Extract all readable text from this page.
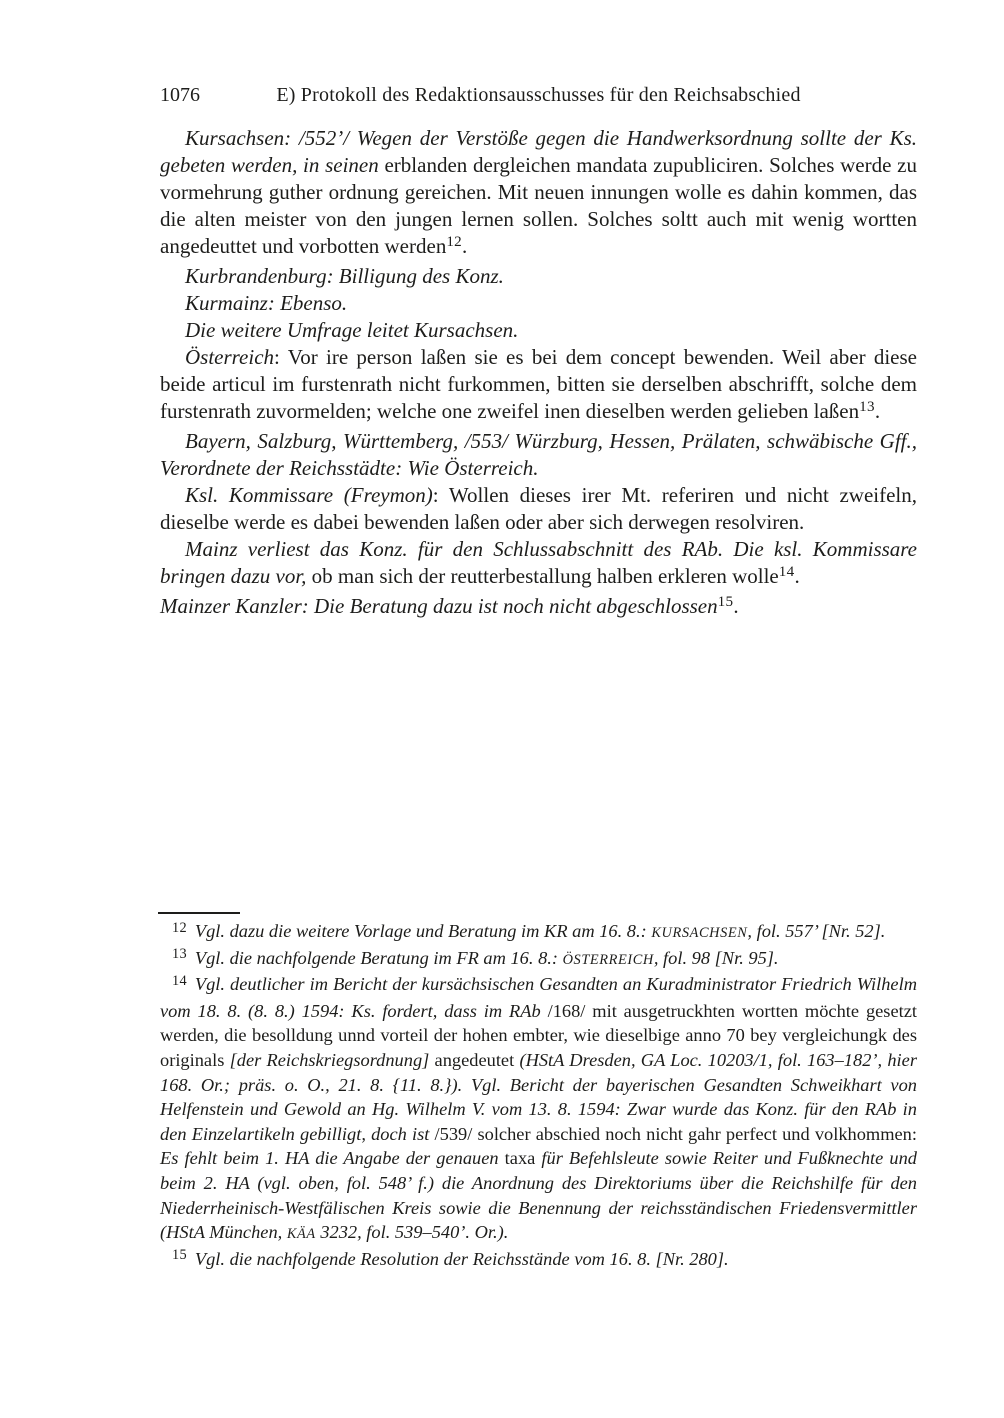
1076	E) Protokoll des Redaktionsausschusses für den Reichsabschied

Kursachsen: /552’/ Wegen der Verstöße gegen die Handwerksordnung sollte der Ks. gebeten werden, in seinen erblanden dergleichen mandata zupubliciren. Solches werde zu vormehrung guther ordnung gereichen. Mit neuen innungen wolle es dahin kommen, das die alten meister von den jungen lernen sollen. Solches soltt auch mit wenig wortten angedeuttet und vorbotten werden$^{12}$.

Kurbrandenburg: Billigung des Konz.

Kurmainz: Ebenso.

Die weitere Umfrage leitet Kursachsen.

Österreich: Vor ire person laßen sie es bei dem concept bewenden. Weil aber diese beide articul im furstenrath nicht furkommen, bitten sie derselben abschrifft, solche dem furstenrath zuvormelden; welche one zweifel inen dieselben werden gelieben laßen$^{13}$.

Bayern, Salzburg, Württemberg, /553/ Würzburg, Hessen, Prälaten, schwäbische Gff., Verordnete der Reichsstädte: Wie Österreich.

Ksl. Kommissare (Freymon): Wollen dieses irer Mt. referiren und nicht zweifeln, dieselbe werde es dabei bewenden laßen oder aber sich derwegen resolviren.

Mainz verliest das Konz. für den Schlussabschnitt des RAb. Die ksl. Kommissare bringen dazu vor, ob man sich der reutterbestallung halben erkleren wolle$^{14}$.

Mainzer Kanzler: Die Beratung dazu ist noch nicht abgeschlossen$^{15}$.

$^{12}$ Vgl. dazu die weitere Vorlage und Beratung im KR am 16. 8.: KURSACHSEN, fol. 557’ [Nr. 52].

$^{13}$ Vgl. die nachfolgende Beratung im FR am 16. 8.: ÖSTERREICH, fol. 98 [Nr. 95].

$^{14}$ Vgl. deutlicher im Bericht der kursächsischen Gesandten an Kuradministrator Friedrich Wilhelm vom 18. 8. (8. 8.) 1594: Ks. fordert, dass im RAb /168/ mit ausgetruckhten wortten möchte gesetzt werden, die besolldung unnd vorteil der hohen embter, wie dieselbige anno 70 bey vergleichungk des originals [der Reichskriegsordnung] angedeutet (HStA Dresden, GA Loc. 10203/1, fol. 163–182’, hier 168. Or.; präs. o. O., 21. 8. {11. 8.}). Vgl. Bericht der bayerischen Gesandten Schweikhart von Helfenstein und Gewold an Hg. Wilhelm V. vom 13. 8. 1594: Zwar wurde das Konz. für den RAb in den Einzelartikeln gebilligt, doch ist /539/ solcher abschied noch nicht gahr perfect und volkhommen: Es fehlt beim 1. HA die Angabe der genauen taxa für Befehlsleute sowie Reiter und Fußknechte und beim 2. HA (vgl. oben, fol. 548’ f.) die Anordnung des Direktoriums über die Reichshilfe für den Niederrheinisch-Westfälischen Kreis sowie die Benennung der reichsständischen Friedensvermittler (HStA München, KÄA 3232, fol. 539–540’. Or.).

$^{15}$ Vgl. die nachfolgende Resolution der Reichsstände vom 16. 8. [Nr. 280].
